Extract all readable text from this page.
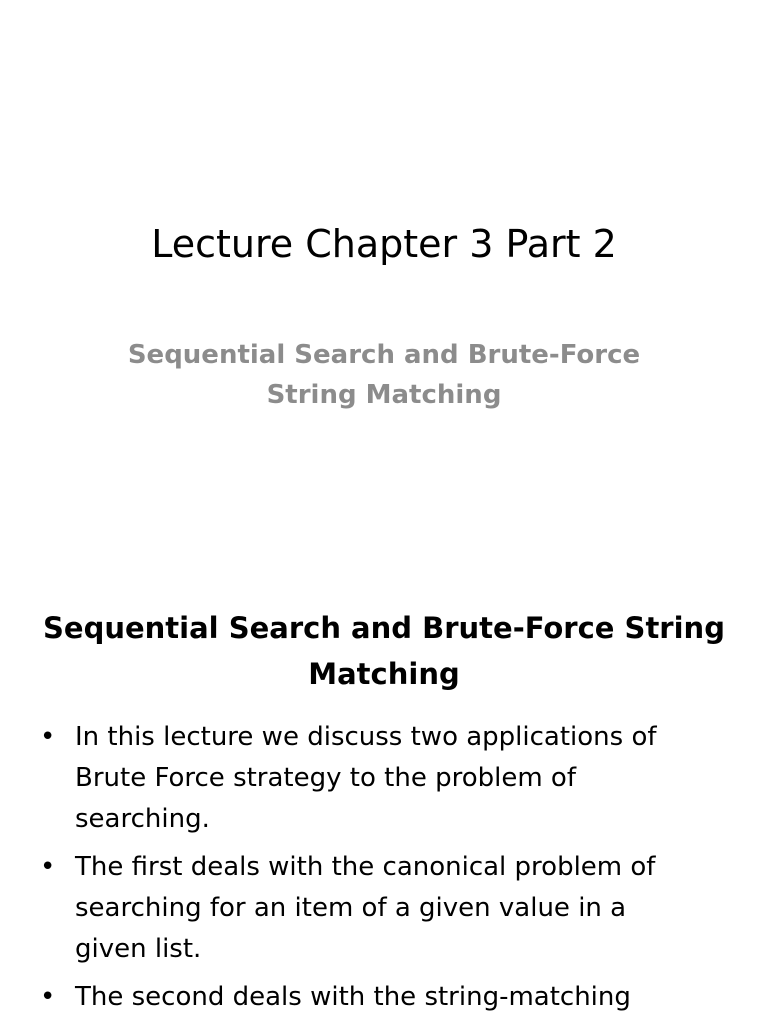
Lecture Chapter 3 Part 2
Sequential Search and Brute-Force
String Matching
Sequential Search and Brute-Force String
Matching
• In this lecture we discuss two applications of
Brute Force strategy to the problem of
searching.
• The first deals with the canonical problem of
searching for an item of a given value in a
given list.
• The second deals with the string-matching
